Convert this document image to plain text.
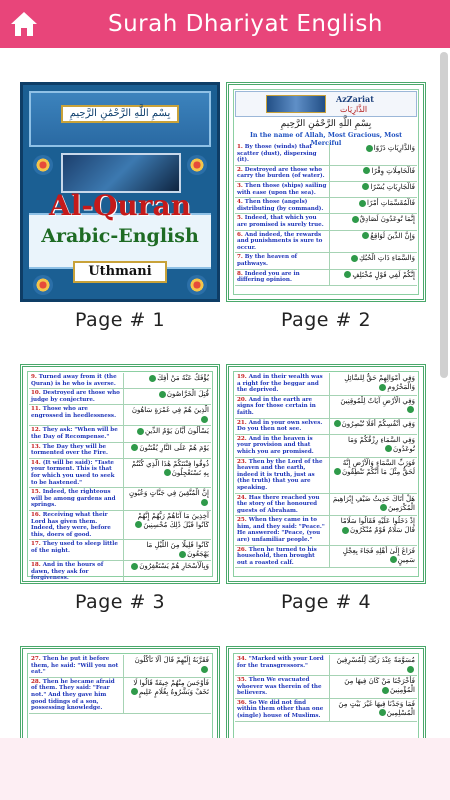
Surah Dhariyat English
بِسْمِ اللَّهِ الرَّحْمَٰنِ الرَّحِيمِ
Al-Quran
Arabic-English
Uthmani
Page # 1
AzZariat
الذَّارِيَات
بِسْمِ اللَّهِ الرَّحْمَٰنِ الرَّحِيمِ
In the name of Allah, Most Gracious, Most Merciful
1. By those (winds) that scatter (dust), dispersing (it).
وَالذَّارِيَاتِ ذَرْوًا
2. Destroyed are those who carry the burden (of water).
فَالْحَامِلَاتِ وِقْرًا
3. Then those (ships) sailing with ease (upon the sea).
فَالْجَارِيَاتِ يُسْرًا
4. Then those (angels) distributing (by command).
فَالْمُقَسِّمَاتِ أَمْرًا
5. Indeed, that which you are promised is surely true.
إِنَّمَا تُوعَدُونَ لَصَادِقٌ
6. And indeed, the rewards and punishments is sure to occur.
وَإِنَّ الدِّينَ لَوَاقِعٌ
7. By the heaven of pathways.
وَالسَّمَاءِ ذَاتِ الْحُبُكِ
8. Indeed you are in differing opinion.
إِنَّكُمْ لَفِي قَوْلٍ مُخْتَلِفٍ
Page # 2
9. Turned away from it (the Quran) is he who is averse.
يُؤْفَكُ عَنْهُ مَنْ أُفِكَ
10. Destroyed are those who judge by conjecture.
قُتِلَ الْخَرَّاصُونَ
11. Those who are engrossed in heedlessness.
الَّذِينَ هُمْ فِي غَمْرَةٍ سَاهُونَ
12. They ask: "When will be the Day of Recompense."
يَسْأَلُونَ أَيَّانَ يَوْمُ الدِّينِ
13. The Day they will be tormented over the Fire.
يَوْمَ هُمْ عَلَى النَّارِ يُفْتَنُونَ
14. (It will be said): "Taste your torment. This is that for which you used to seek to be hastened."
ذُوقُوا فِتْنَتَكُمْ هَٰذَا الَّذِي كُنْتُمْ بِهِ تَسْتَعْجِلُونَ
15. Indeed, the righteous will be among gardens and springs.
إِنَّ الْمُتَّقِينَ فِي جَنَّاتٍ وَعُيُونٍ
16. Receiving what their Lord has given them. Indeed, they were, before this, doers of good.
آخِذِينَ مَا آتَاهُمْ رَبُّهُمْ إِنَّهُمْ كَانُوا قَبْلَ ذَٰلِكَ مُحْسِنِينَ
17. They used to sleep little of the night.
كَانُوا قَلِيلًا مِنَ اللَّيْلِ مَا يَهْجَعُونَ
18. And in the hours of dawn, they ask for forgiveness.
وَبِالْأَسْحَارِ هُمْ يَسْتَغْفِرُونَ
Page # 3
19. And in their wealth was a right for the beggar and the deprived.
وَفِي أَمْوَالِهِمْ حَقٌّ لِلسَّائِلِ وَالْمَحْرُومِ
20. And in the earth are signs for those certain in faith.
وَفِي الْأَرْضِ آيَاتٌ لِلْمُوقِنِينَ
21. And in your own selves. Do you then not see.
وَفِي أَنْفُسِكُمْ أَفَلَا تُبْصِرُونَ
22. And in the heaven is your provision and that which you are promised.
وَفِي السَّمَاءِ رِزْقُكُمْ وَمَا تُوعَدُونَ
23. Then by the Lord of the heaven and the earth, indeed it is truth, just as (the truth) that you are speaking.
فَوَرَبِّ السَّمَاءِ وَالْأَرْضِ إِنَّهُ لَحَقٌّ مِثْلَ مَا أَنَّكُمْ تَنْطِقُونَ
24. Has there reached you the story of the honoured guests of Abraham.
هَلْ أَتَاكَ حَدِيثُ ضَيْفِ إِبْرَاهِيمَ الْمُكْرَمِينَ
25. When they came in to him, and they said: "Peace." He answered: "Peace, (you are) unfamiliar people."
إِذْ دَخَلُوا عَلَيْهِ فَقَالُوا سَلَامًا قَالَ سَلَامٌ قَوْمٌ مُنْكَرُونَ
26. Then he turned to his household, then brought out a roasted calf.
فَرَاغَ إِلَىٰ أَهْلِهِ فَجَاءَ بِعِجْلٍ سَمِينٍ
Page # 4
27. Then he put it before them, he said: "Will you not eat."
فَقَرَّبَهُ إِلَيْهِمْ قَالَ أَلَا تَأْكُلُونَ
28. Then he became afraid of them. They said: "Fear not." And they gave him good tidings of a son, possessing knowledge.
فَأَوْجَسَ مِنْهُمْ خِيفَةً قَالُوا لَا تَخَفْ وَبَشَّرُوهُ بِغُلَامٍ عَلِيمٍ
34. "Marked with your Lord for the transgressors."
مُسَوَّمَةً عِنْدَ رَبِّكَ لِلْمُسْرِفِينَ
35. Then We evacuated whoever was therein of the believers.
فَأَخْرَجْنَا مَنْ كَانَ فِيهَا مِنَ الْمُؤْمِنِينَ
36. So We did not find within them other than one (single) house of Muslims.
فَمَا وَجَدْنَا فِيهَا غَيْرَ بَيْتٍ مِنَ الْمُسْلِمِينَ
